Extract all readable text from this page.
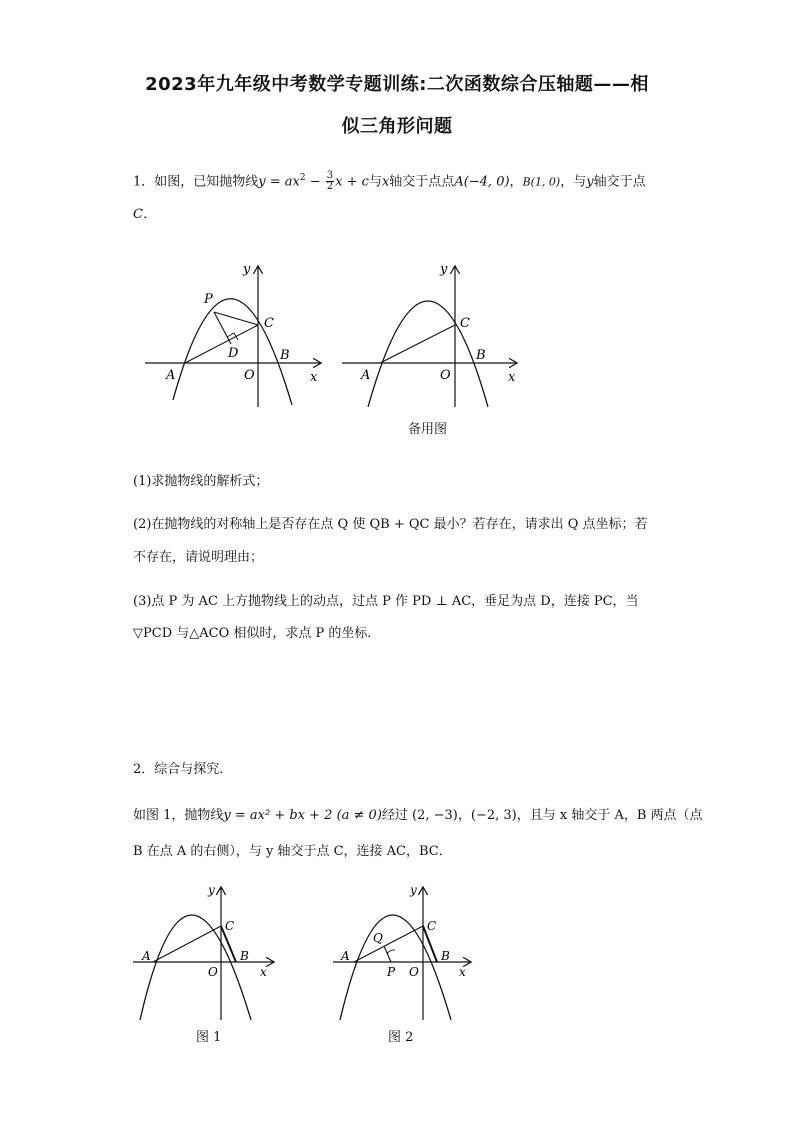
2023年九年级中考数学专题训练:二次函数综合压轴题——相
似三角形问题
1．如图，已知抛物线$y = ax^2 - \frac{3}{2}$ x + c与x轴交于点点A(−4, 0)，B(1, 0)，与y轴交于点
C．
P
C
D
A	O
B
x
y
C
A	O
B
x
y
备用图
(1)求抛物线的解析式；
(2)在抛物线的对称轴上是否存在点 Q 使 QB + QC 最小？若存在，请求出 Q 点坐标；若
不存在，请说明理由；
(3)点 P 为 AC 上方抛物线上的动点，过点 P 作 PD ⊥ AC，垂足为点 D，连接 PC，当
▽PCD 与△ACO 相似时，求点 P 的坐标．
2．综合与探究．
如图 1，抛物线y = ax² + bx + 2 (a ≠ 0)经过 (2, −3)，(−2, 3)，且与 x 轴交于 A，B 两点（点
B 在点 A 的右侧），与 y 轴交于点 C，连接 AC，BC．
A
C
B
O	x
y
A
Q
C
B
P O	x
y
图 1	图 2
